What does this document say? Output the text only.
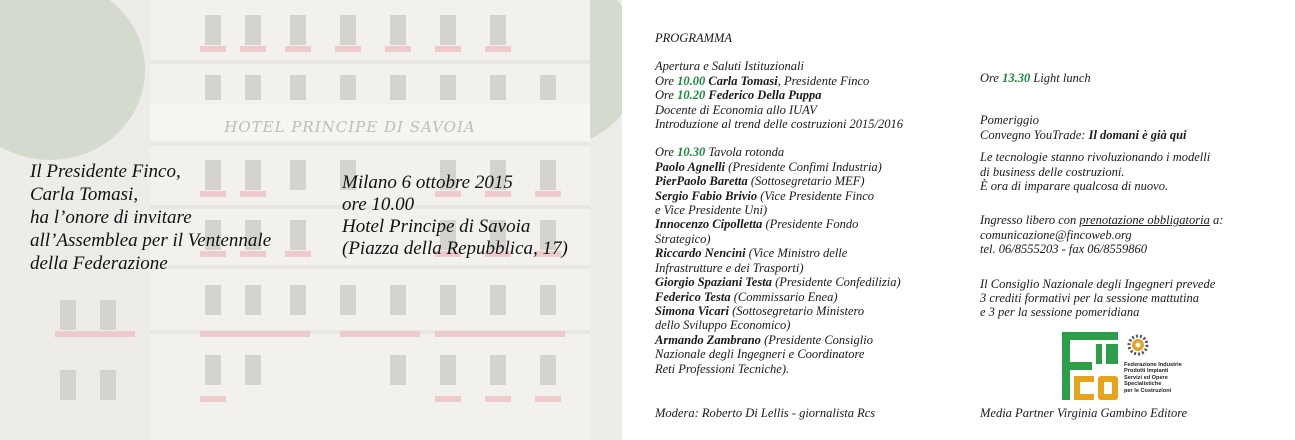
Il Presidente Finco,
Carla Tomasi,
ha l’onore di invitare
all’Assemblea per il Ventennale
della Federazione
Milano 6 ottobre 2015
ore 10.00
Hotel Principe di Savoia
(Piazza della Repubblica, 17)
PROGRAMMA
Apertura e Saluti Istituzionali
Ore 10.00 Carla Tomasi, Presidente Finco
Ore 10.20 Federico Della Puppa
Docente di Economia allo IUAV
Introduzione al trend delle costruzioni 2015/2016
Ore 10.30 Tavola rotonda
Paolo Agnelli (Presidente Confimi Industria)
PierPaolo Baretta (Sottosegretario MEF)
Sergio Fabio Brivio (Vice Presidente Finco
e Vice Presidente Uni)
Innocenzo Cipolletta (Presidente Fondo
Strategico)
Riccardo Nencini (Vice Ministro delle
Infrastrutture e dei Trasporti)
Giorgio Spaziani Testa (Presidente Confedilizia)
Federico Testa (Commissario Enea)
Simona Vicari (Sottosegretario Ministero
dello Sviluppo Economico)
Armando Zambrano (Presidente Consiglio
Nazionale degli Ingegneri e Coordinatore
Reti Professioni Tecniche).
Modera: Roberto Di Lellis - giornalista Rcs
Ore 13.30 Light lunch
Pomeriggio
Convegno YouTrade: Il domani è già qui
Le tecnologie stanno rivoluzionando i modelli
di business delle costruzioni.
È ora di imparare qualcosa di nuovo.
Ingresso libero con prenotazione obbligatoria a:
comunicazione@fincoweb.org
tel. 06/8555203 - fax 06/8559860
Il Consiglio Nazionale degli Ingegneri prevede
3 crediti formativi per la sessione mattutina
e 3 per la sessione pomeridiana
Federazione Industrie
Prodotti Impianti
Servizi ed Opere
Specialistiche
per le Costruzioni
Media Partner Virginia Gambino Editore
